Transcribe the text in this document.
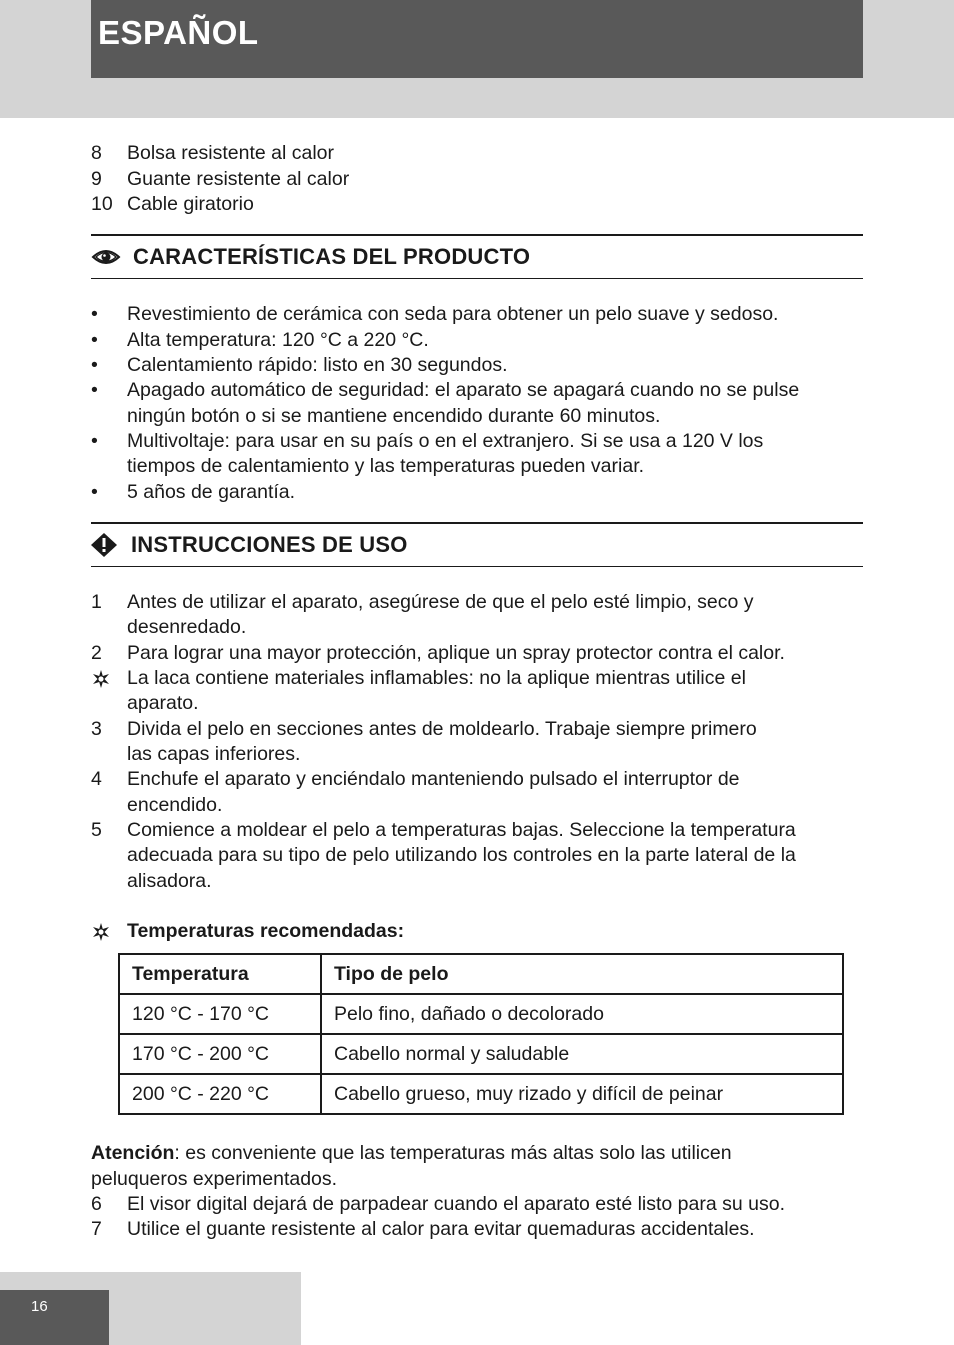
ESPAÑOL
8	Bolsa resistente al calor
9	Guante resistente al calor
10 Cable giratorio
CARACTERÍSTICAS DEL PRODUCTO
•	Revestimiento de cerámica con seda para obtener un pelo suave y sedoso.
•	Alta temperatura: 120 °C a 220 °C.
•	Calentamiento rápido: listo en 30 segundos.
•	Apagado automático de seguridad: el aparato se apagará cuando no se pulse
ningún botón o si se mantiene encendido durante 60 minutos.
•	Multivoltaje: para usar en su país o en el extranjero. Si se usa a 120 V los
tiempos de calentamiento y las temperaturas pueden variar.
•	5 años de garantía.
INSTRUCCIONES DE USO
1	Antes de utilizar el aparato, asegúrese de que el pelo esté limpio, seco y
desenredado.
2	Para lograr una mayor protección, aplique un spray protector contra el calor.
La laca contiene materiales inflamables: no la aplique mientras utilice el
aparato.
3	Divida el pelo en secciones antes de moldearlo. Trabaje siempre primero
las capas inferiores.
4	Enchufe el aparato y enciéndalo manteniendo pulsado el interruptor de
encendido.
5	Comience a moldear el pelo a temperaturas bajas. Seleccione la temperatura
adecuada para su tipo de pelo utilizando los controles en la parte lateral de la
alisadora.
Temperaturas recomendadas:
Temperatura	Tipo de pelo
120 °C - 170 °C	Pelo fino, dañado o decolorado
170 °C - 200 °C	Cabello normal y saludable
200 °C - 220 °C	Cabello grueso, muy rizado y difícil de peinar
Atención: es conveniente que las temperaturas más altas solo las utilicen
peluqueros experimentados.
6	El visor digital dejará de parpadear cuando el aparato esté listo para su uso.
7	Utilice el guante resistente al calor para evitar quemaduras accidentales.
16
